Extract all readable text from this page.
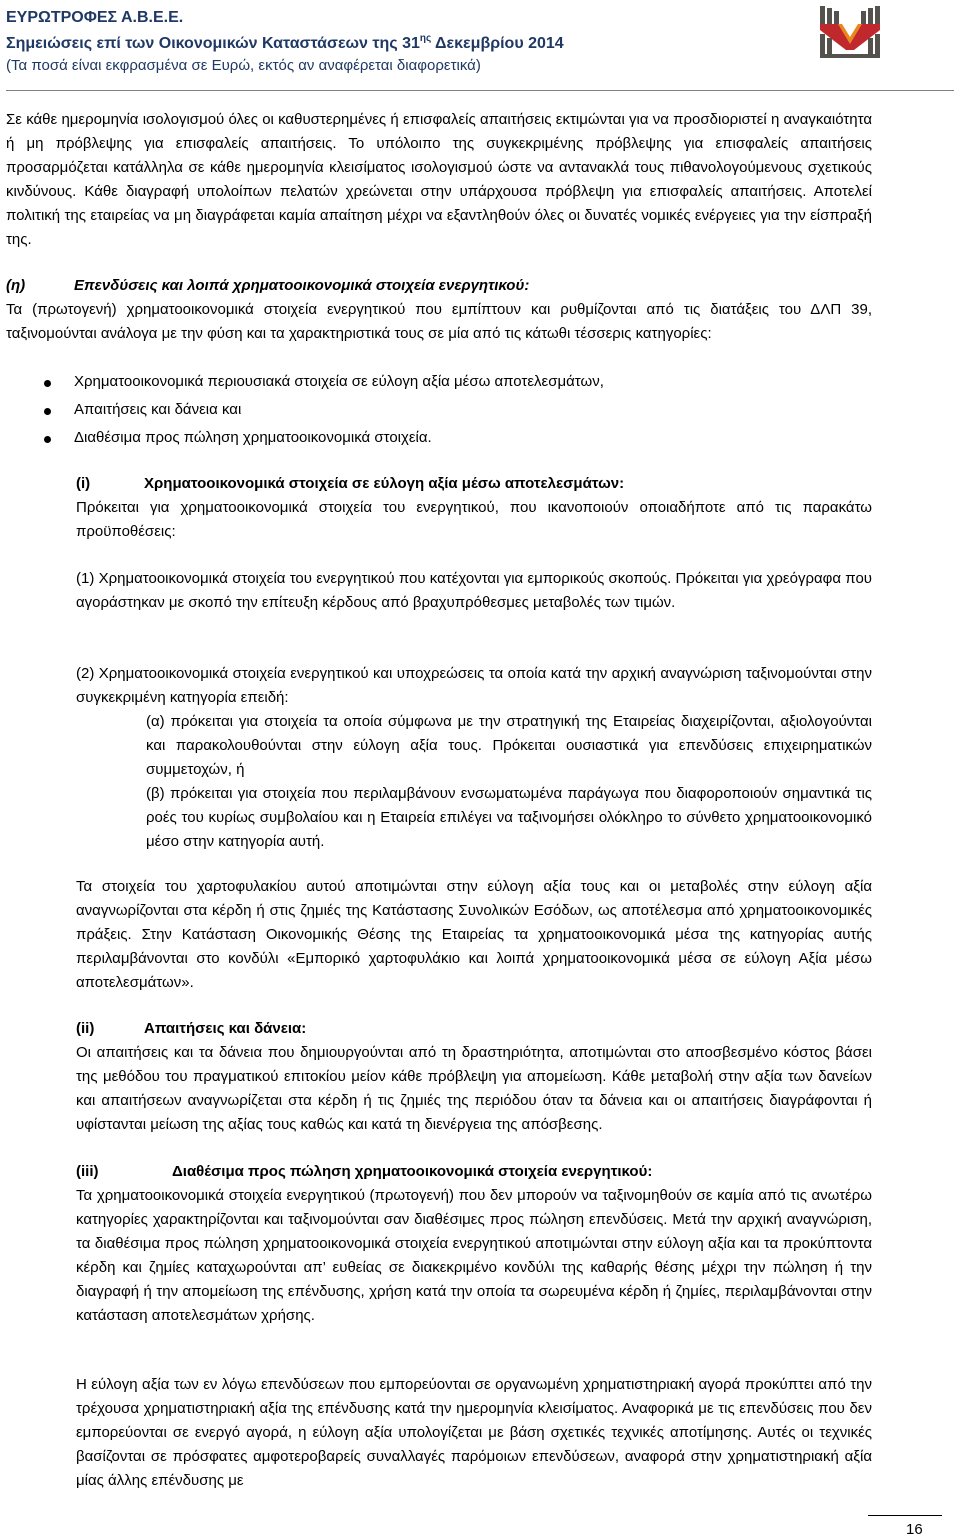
ΕΥΡΩΤΡΟΦΕΣ Α.Β.Ε.Ε.
Σημειώσεις επί των Οικονομικών Καταστάσεων της $31^{\eta\varsigma}$ Δεκεμβρίου 2014
(Τα ποσά είναι εκφρασμένα σε Ευρώ, εκτός αν αναφέρεται διαφορετικά)

Σε κάθε ημερομηνία ισολογισμού όλες οι καθυστερημένες ή επισφαλείς απαιτήσεις εκτιμώνται για να προσδιοριστεί η αναγκαιότητα ή μη πρόβλεψης για επισφαλείς απαιτήσεις. Το υπόλοιπο της συγκεκριμένης πρόβλεψης για επισφαλείς απαιτήσεις προσαρμόζεται κατάλληλα σε κάθε ημερομηνία κλεισίματος ισολογισμού ώστε να αντανακλά τους πιθανολογούμενους σχετικούς κινδύνους. Κάθε διαγραφή υπολοίπων πελατών χρεώνεται στην υπάρχουσα πρόβλεψη για επισφαλείς απαιτήσεις. Αποτελεί πολιτική της εταιρείας να μη διαγράφεται καμία απαίτηση μέχρι να εξαντληθούν όλες οι δυνατές νομικές ενέργειες για την είσπραξή της.

(η)	Επενδύσεις και λοιπά χρηματοοικονομικά στοιχεία ενεργητικού:

Τα (πρωτογενή) χρηματοοικονομικά στοιχεία ενεργητικού που εμπίπτουν και ρυθμίζονται από τις διατάξεις του ΔΛΠ 39, ταξινομούνται ανάλογα με την φύση και τα χαρακτηριστικά τους σε μία από τις κάτωθι τέσσερις κατηγορίες:

Χρηματοοικονομικά περιουσιακά στοιχεία σε εύλογη αξία μέσω αποτελεσμάτων,
Απαιτήσεις και δάνεια και
Διαθέσιμα προς πώληση χρηματοοικονομικά στοιχεία.
(i)	Χρηματοοικονομικά στοιχεία σε εύλογη αξία μέσω αποτελεσμάτων:

Πρόκειται για χρηματοοικονομικά στοιχεία του ενεργητικού, που ικανοποιούν οποιαδήποτε από τις παρακάτω προϋποθέσεις:

(1) Χρηματοοικονομικά στοιχεία του ενεργητικού που κατέχονται για εμπορικούς σκοπούς. Πρόκειται για χρεόγραφα που αγοράστηκαν με σκοπό την επίτευξη κέρδους από βραχυπρόθεσμες μεταβολές των τιμών.

(2) Χρηματοοικονομικά στοιχεία ενεργητικού και υποχρεώσεις τα οποία κατά την αρχική αναγνώριση ταξινομούνται στην συγκεκριμένη κατηγορία επειδή:

(α) πρόκειται για στοιχεία τα οποία σύμφωνα με την στρατηγική της Εταιρείας διαχειρίζονται, αξιολογούνται και παρακολουθούνται στην εύλογη αξία τους. Πρόκειται ουσιαστικά για επενδύσεις επιχειρηματικών συμμετοχών, ή

(β) πρόκειται για στοιχεία που περιλαμβάνουν ενσωματωμένα παράγωγα που διαφοροποιούν σημαντικά τις ροές του κυρίως συμβολαίου και η Εταιρεία επιλέγει να ταξινομήσει ολόκληρο το σύνθετο χρηματοοικονομικό μέσο στην κατηγορία αυτή.

Τα στοιχεία του χαρτοφυλακίου αυτού αποτιμώνται στην εύλογη αξία τους και οι μεταβολές στην εύλογη αξία αναγνωρίζονται στα κέρδη ή στις ζημιές της Κατάστασης Συνολικών Εσόδων, ως αποτέλεσμα από χρηματοοικονομικές πράξεις. Στην Κατάσταση Οικονομικής Θέσης της Εταιρείας τα χρηματοοικονομικά μέσα της κατηγορίας αυτής περιλαμβάνονται στο κονδύλι «Εμπορικό χαρτοφυλάκιο και λοιπά χρηματοοικονομικά μέσα σε εύλογη Αξία μέσω αποτελεσμάτων».

(ii)	Απαιτήσεις και δάνεια:

Οι απαιτήσεις και τα δάνεια που δημιουργούνται από τη δραστηριότητα, αποτιμώνται στο αποσβεσμένο κόστος βάσει της μεθόδου του πραγματικού επιτοκίου μείον κάθε πρόβλεψη για απομείωση. Κάθε μεταβολή στην αξία των δανείων και απαιτήσεων αναγνωρίζεται στα κέρδη ή τις ζημιές της περιόδου όταν τα δάνεια και οι απαιτήσεις διαγράφονται ή υφίστανται μείωση της αξίας τους καθώς και κατά τη διενέργεια της απόσβεσης.

(iii)	Διαθέσιμα προς πώληση χρηματοοικονομικά στοιχεία ενεργητικού:

Τα χρηματοοικονομικά στοιχεία ενεργητικού (πρωτογενή) που δεν μπορούν να ταξινομηθούν σε καμία από τις ανωτέρω κατηγορίες χαρακτηρίζονται και ταξινομούνται σαν διαθέσιμες προς πώληση επενδύσεις. Μετά την αρχική αναγνώριση, τα διαθέσιμα προς πώληση χρηματοοικονομικά στοιχεία ενεργητικού αποτιμώνται στην εύλογη αξία και τα προκύπτοντα κέρδη και ζημίες καταχωρούνται απ’ ευθείας σε διακεκριμένο κονδύλι της καθαρής θέσης μέχρι την πώληση ή την διαγραφή ή την απομείωση της επένδυσης, χρήση κατά την οποία τα σωρευμένα κέρδη ή ζημίες, περιλαμβάνονται στην κατάσταση αποτελεσμάτων χρήσης.

Η εύλογη αξία των εν λόγω επενδύσεων που εμπορεύονται σε οργανωμένη χρηματιστηριακή αγορά προκύπτει από την τρέχουσα χρηματιστηριακή αξία της επένδυσης κατά την ημερομηνία κλεισίματος. Αναφορικά με τις επενδύσεις που δεν εμπορεύονται σε ενεργό αγορά, η εύλογη αξία υπολογίζεται με βάση σχετικές τεχνικές αποτίμησης. Αυτές οι τεχνικές βασίζονται σε πρόσφατες αμφοτεροβαρείς συναλλαγές παρόμοιων επενδύσεων, αναφορά στην χρηματιστηριακή αξία μίας άλλης επένδυσης με

16
